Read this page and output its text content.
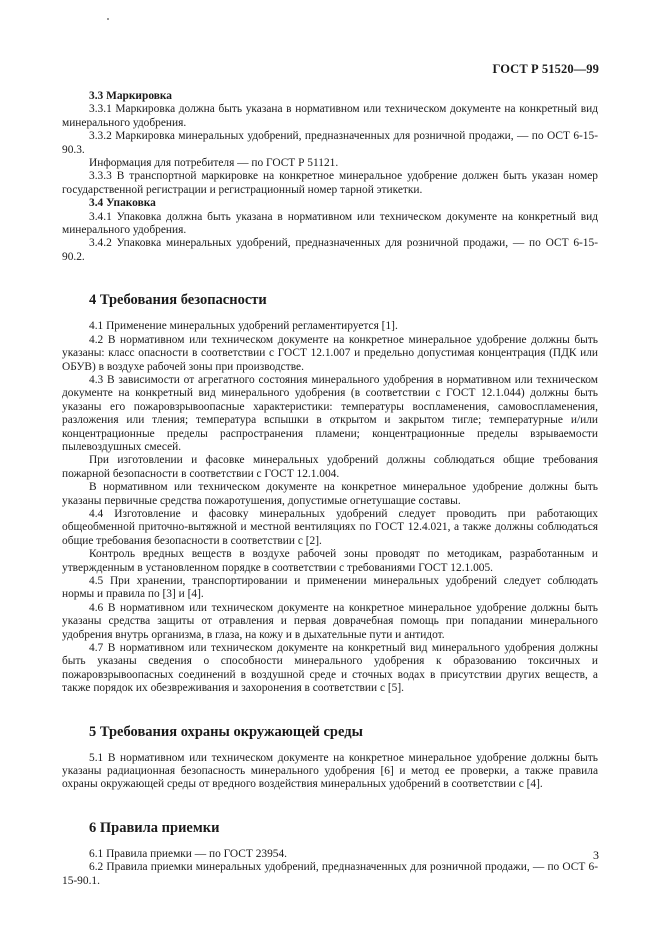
ГОСТ Р 51520—99

3.3 Маркировка

3.3.1 Маркировка должна быть указана в нормативном или техническом документе на конкретный вид минерального удобрения.

3.3.2 Маркировка минеральных удобрений, предназначенных для розничной продажи, — по ОСТ 6-15-90.3.

Информация для потребителя — по ГОСТ Р 51121.

3.3.3 В транспортной маркировке на конкретное минеральное удобрение должен быть указан номер государственной регистрации и регистрационный номер тарной этикетки.

3.4 Упаковка

3.4.1 Упаковка должна быть указана в нормативном или техническом документе на конкретный вид минерального удобрения.

3.4.2 Упаковка минеральных удобрений, предназначенных для розничной продажи, — по ОСТ 6-15-90.2.

4 Требования безопасности

4.1 Применение минеральных удобрений регламентируется [1].

4.2 В нормативном или техническом документе на конкретное минеральное удобрение должны быть указаны: класс опасности в соответствии с ГОСТ 12.1.007 и предельно допустимая концентрация (ПДК или ОБУВ) в воздухе рабочей зоны при производстве.

4.3 В зависимости от агрегатного состояния минерального удобрения в нормативном или техническом документе на конкретный вид минерального удобрения (в соответствии с ГОСТ 12.1.044) должны быть указаны его пожаровзрывоопасные характеристики: температуры воспламенения, самовоспламенения, разложения или тления; температура вспышки в открытом и закрытом тигле; температурные и/или концентрационные пределы распространения пламени; концентрационные пределы взрываемости пылевоздушных смесей.

При изготовлении и фасовке минеральных удобрений должны соблюдаться общие требования пожарной безопасности в соответствии с ГОСТ 12.1.004.

В нормативном или техническом документе на конкретное минеральное удобрение должны быть указаны первичные средства пожаротушения, допустимые огнетушащие составы.

4.4 Изготовление и фасовку минеральных удобрений следует проводить при работающих общеобменной приточно-вытяжной и местной вентиляциях по ГОСТ 12.4.021, а также должны соблюдаться общие требования безопасности в соответствии с [2].

Контроль вредных веществ в воздухе рабочей зоны проводят по методикам, разработанным и утвержденным в установленном порядке в соответствии с требованиями ГОСТ 12.1.005.

4.5 При хранении, транспортировании и применении минеральных удобрений следует соблюдать нормы и правила по [3] и [4].

4.6 В нормативном или техническом документе на конкретное минеральное удобрение должны быть указаны средства защиты от отравления и первая доврачебная помощь при попадании минерального удобрения внутрь организма, в глаза, на кожу и в дыхательные пути и антидот.

4.7 В нормативном или техническом документе на конкретный вид минерального удобрения должны быть указаны сведения о способности минерального удобрения к образованию токсичных и пожаровзрывоопасных соединений в воздушной среде и сточных водах в присутствии других веществ, а также порядок их обезвреживания и захоронения в соответствии с [5].

5 Требования охраны окружающей среды

5.1 В нормативном или техническом документе на конкретное минеральное удобрение должны быть указаны радиационная безопасность минерального удобрения [6] и метод ее проверки, а также правила охраны окружающей среды от вредного воздействия минеральных удобрений в соответствии с [4].

6 Правила приемки

6.1 Правила приемки — по ГОСТ 23954.

6.2 Правила приемки минеральных удобрений, предназначенных для розничной продажи, — по ОСТ 6-15-90.1.

3
